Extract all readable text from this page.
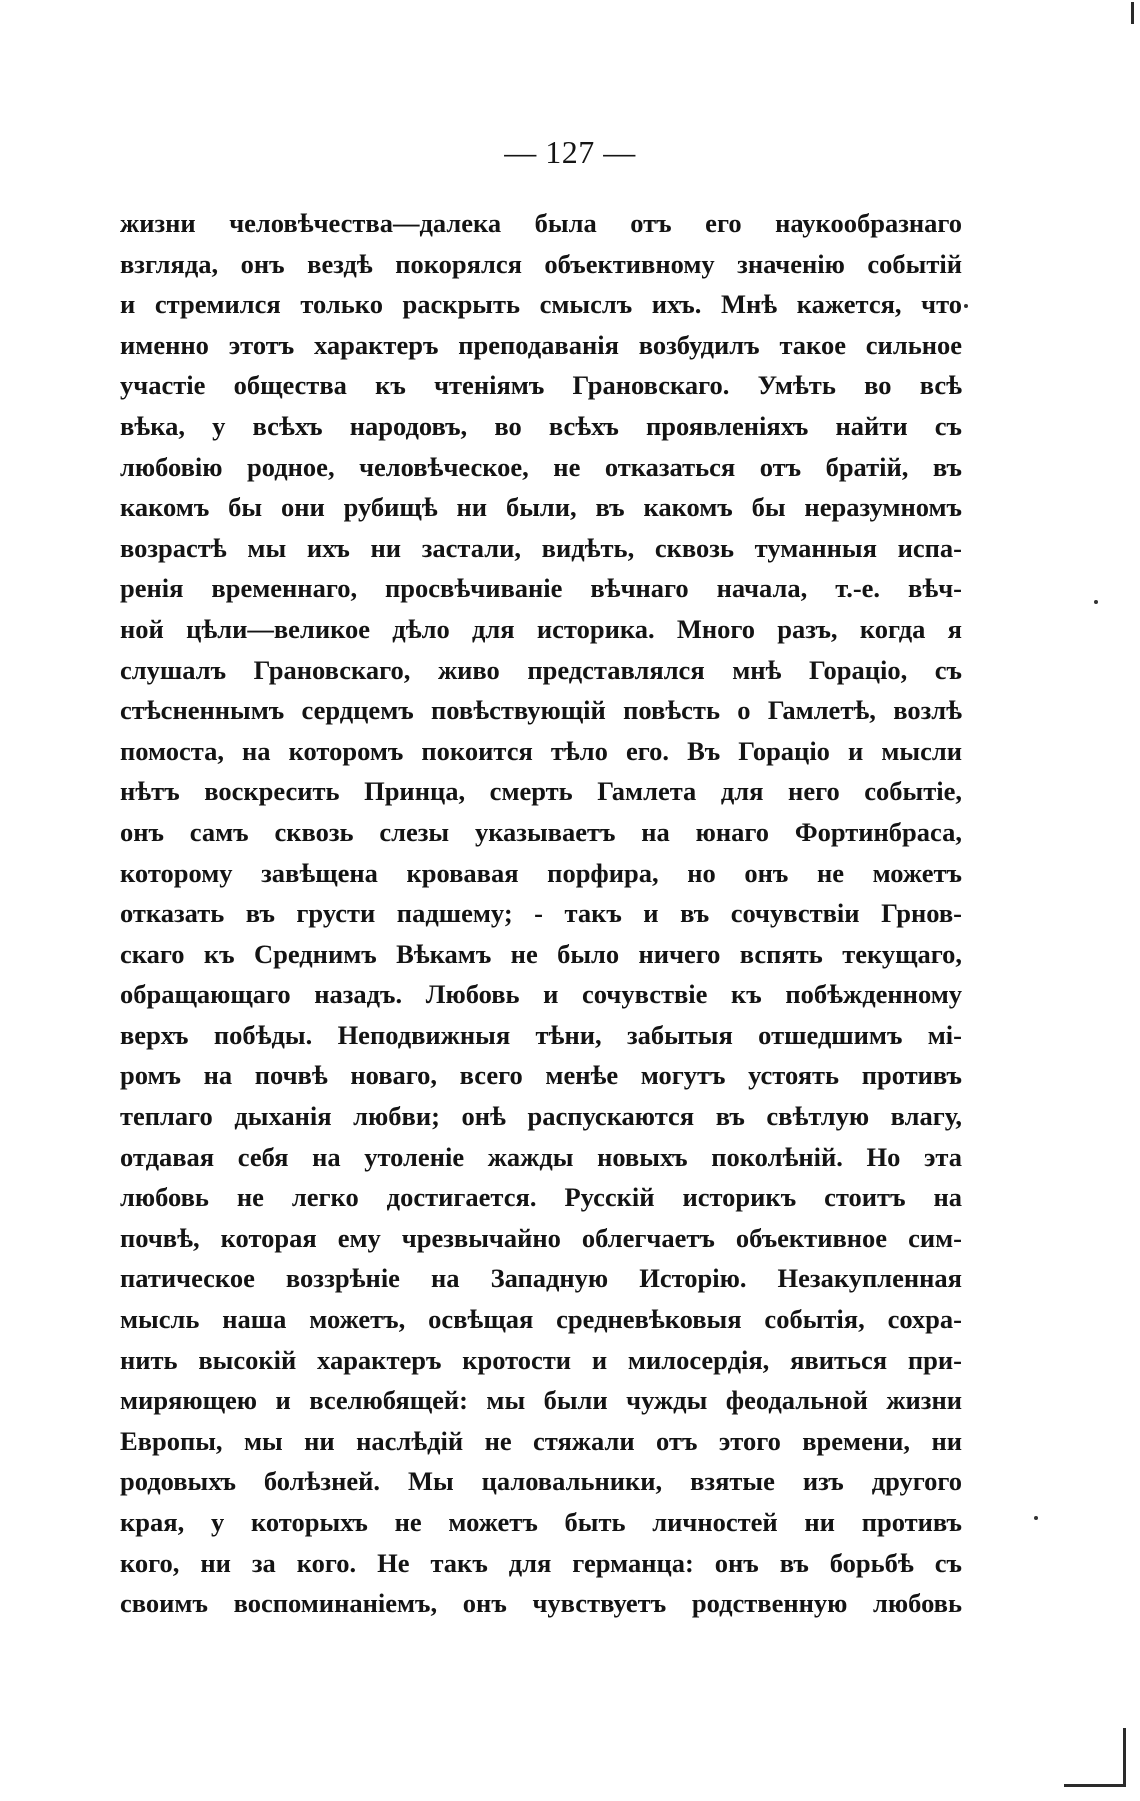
— 127 —
жизни человѣчества—далека была отъ его наукообразнаго
взгляда, онъ вездѣ покорялся объективному значенію событій
и стремился только раскрыть смыслъ ихъ. Мнѣ кажется, что
именно этотъ характеръ преподаванія возбудилъ такое сильное
участіе общества къ чтеніямъ Грановскаго. Умѣть во всѣ
вѣка, у всѣхъ народовъ, во всѣхъ проявленіяхъ найти съ
любовію родное, человѣческое, не отказаться отъ братій, въ
какомъ бы они рубищѣ ни были, въ какомъ бы неразумномъ
возрастѣ мы ихъ ни застали, видѣть, сквозь туманныя испа-
ренія временнаго, просвѣчиваніе вѣчнаго начала, т.-е. вѣч-
ной цѣли—великое дѣло для историка. Много разъ, когда я
слушалъ Грановскаго, живо представлялся мнѣ Гораціо, съ
стѣсненнымъ сердцемъ повѣствующій повѣсть о Гамлетѣ, возлѣ
помоста, на которомъ покоится тѣло его. Въ Гораціо и мысли
нѣтъ воскресить Принца, смерть Гамлета для него событіе,
онъ самъ сквозь слезы указываетъ на юнаго Фортинбраса,
которому завѣщена кровавая порфира, но онъ не можетъ
отказать въ грусти падшему; - такъ и въ сочувствіи Грнов-
скаго къ Среднимъ Вѣкамъ не было ничего вспять текущаго,
обращающаго назадъ. Любовь и сочувствіе къ побѣжденному
верхъ побѣды. Неподвижныя тѣни, забытыя отшедшимъ мі-
ромъ на почвѣ новаго, всего менѣе могутъ устоять противъ
теплаго дыханія любви; онѣ распускаются въ свѣтлую влагу,
отдавая себя на утоленіе жажды новыхъ поколѣній. Но эта
любовь не легко достигается. Русскій историкъ стоитъ на
почвѣ, которая ему чрезвычайно облегчаетъ объективное сим-
патическое воззрѣніе на Западную Исторію. Незакупленная
мысль наша можетъ, освѣщая средневѣковыя событія, сохра-
нить высокій характеръ кротости и милосердія, явиться при-
миряющею и вселюбящей: мы были чужды феодальной жизни
Европы, мы ни наслѣдій не стяжали отъ этого времени, ни
родовыхъ болѣзней. Мы цаловальники, взятые изъ другого
края, у которыхъ не можетъ быть личностей ни противъ
кого, ни за кого. Не такъ для германца: онъ въ борьбѣ съ
своимъ воспоминаніемъ, онъ чувствуетъ родственную любовь
